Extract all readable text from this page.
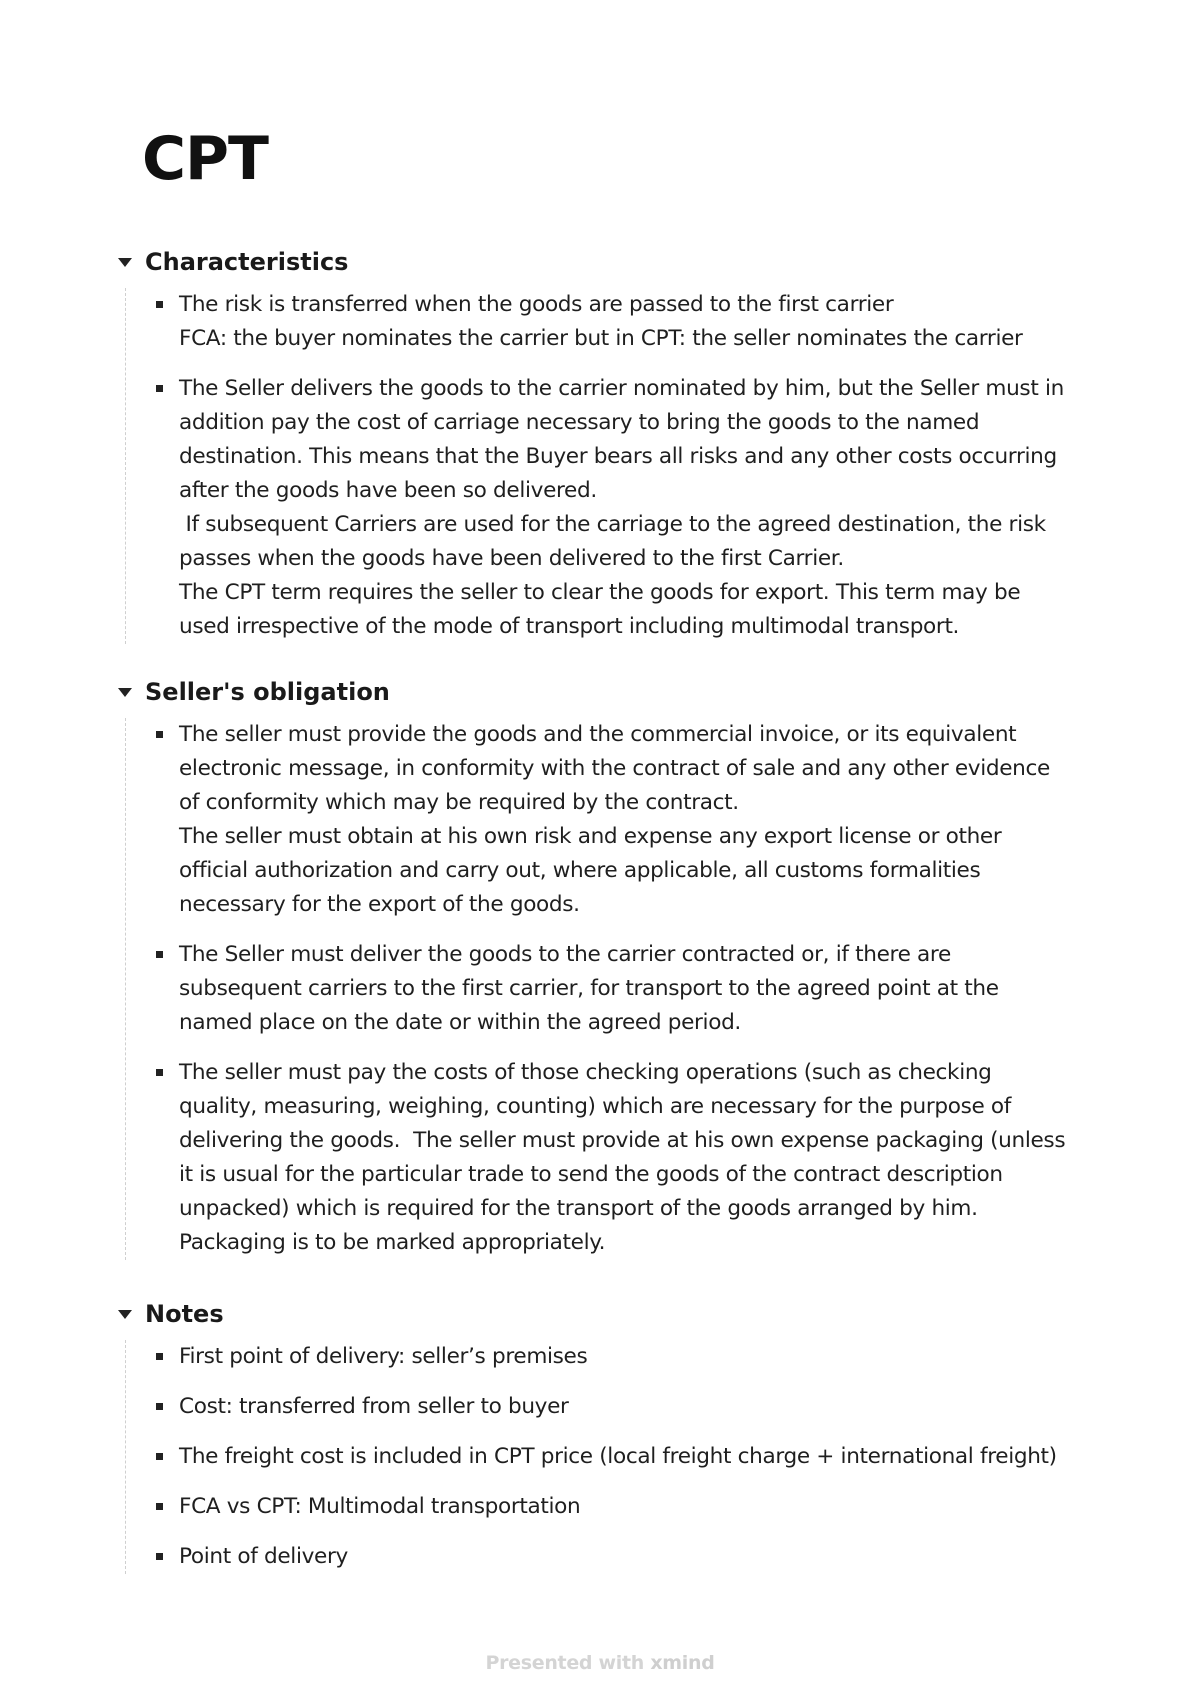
CPT
Characteristics
The risk is transferred when the goods are passed to the first carrier
FCA: the buyer nominates the carrier but in CPT: the seller nominates the carrier
The Seller delivers the goods to the carrier nominated by him, but the Seller must in addition pay the cost of carriage necessary to bring the goods to the named destination. This means that the Buyer bears all risks and any other costs occurring after the goods have been so delivered.
If subsequent Carriers are used for the carriage to the agreed destination, the risk passes when the goods have been delivered to the first Carrier.
The CPT term requires the seller to clear the goods for export. This term may be used irrespective of the mode of transport including multimodal transport.
Seller's obligation
The seller must provide the goods and the commercial invoice, or its equivalent electronic message, in conformity with the contract of sale and any other evidence of conformity which may be required by the contract.
The seller must obtain at his own risk and expense any export license or other official authorization and carry out, where applicable, all customs formalities necessary for the export of the goods.
The Seller must deliver the goods to the carrier contracted or, if there are subsequent carriers to the first carrier, for transport to the agreed point at the named place on the date or within the agreed period.
The seller must pay the costs of those checking operations (such as checking quality, measuring, weighing, counting) which are necessary for the purpose of delivering the goods.  The seller must provide at his own expense packaging (unless it is usual for the particular trade to send the goods of the contract description unpacked) which is required for the transport of the goods arranged by him. Packaging is to be marked appropriately.
Notes
First point of delivery: seller’s premises
Cost: transferred from seller to buyer
The freight cost is included in CPT price (local freight charge + international freight)
FCA vs CPT: Multimodal transportation
Point of delivery
Presented with xmind
